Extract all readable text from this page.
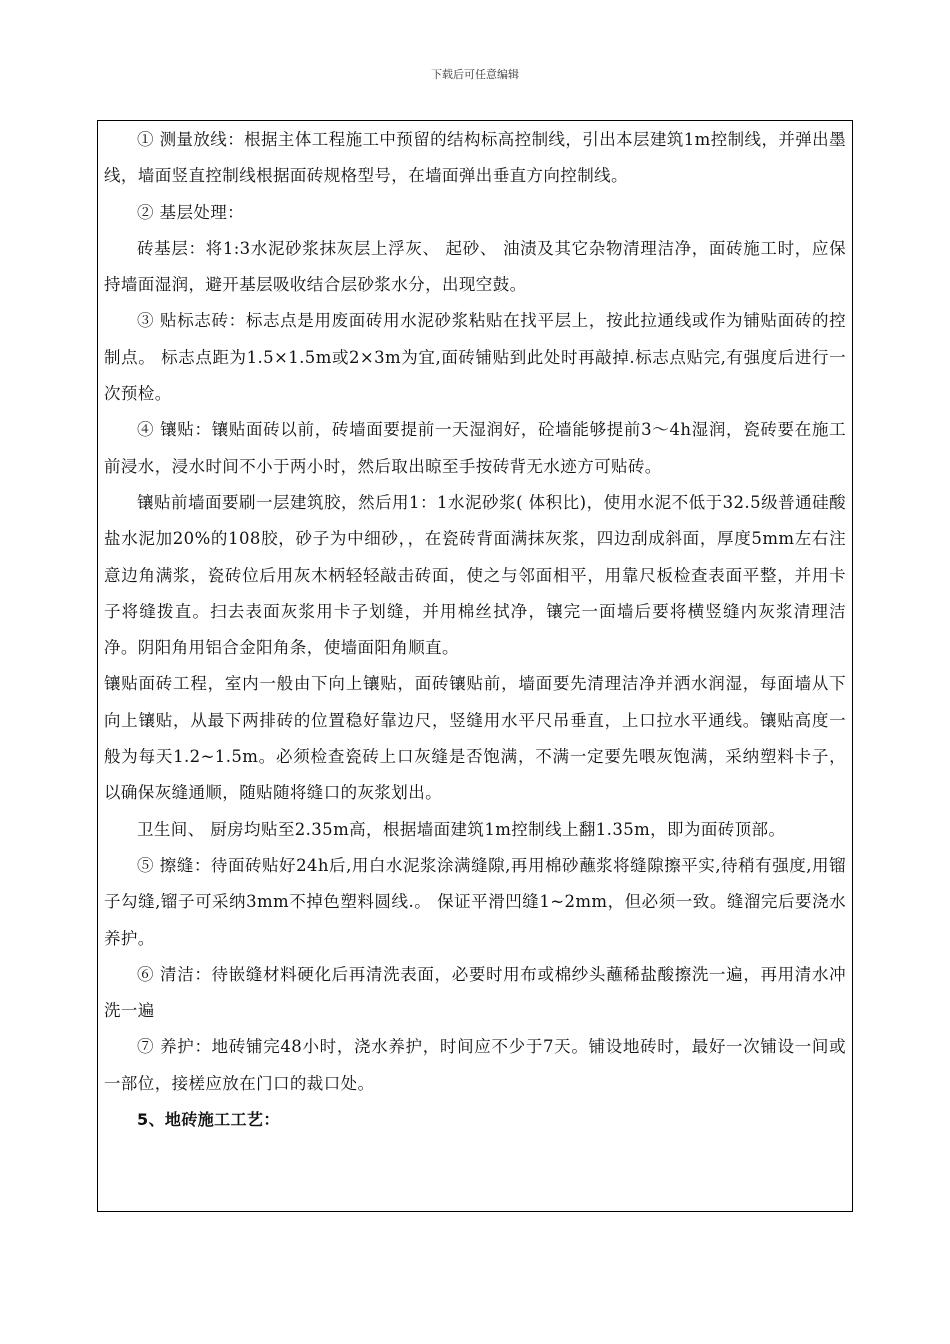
下载后可任意编辑

① 测量放线：根据主体工程施工中预留的结构标高控制线，引出本层建筑1m控制线，并弹出墨线，墙面竖直控制线根据面砖规格型号，在墙面弹出垂直方向控制线。

② 基层处理：

砖基层：将1:3水泥砂浆抹灰层上浮灰、 起砂、 油渍及其它杂物清理洁净，面砖施工时，应保持墙面湿润，避开基层吸收结合层砂浆水分，出现空鼓。

③ 贴标志砖：标志点是用废面砖用水泥砂浆粘贴在找平层上，按此拉通线或作为铺贴面砖的控制点。 标志点距为1.5×1.5m或2×3m为宜,面砖铺贴到此处时再敲掉.标志点贴完,有强度后进行一次预检。

④ 镶贴：镶贴面砖以前，砖墙面要提前一天湿润好，砼墙能够提前3～4h湿润，瓷砖要在施工前浸水，浸水时间不小于两小时，然后取出晾至手按砖背无水迹方可贴砖。

镶贴前墙面要刷一层建筑胶，然后用1：1水泥砂浆( 体积比)，使用水泥不低于32.5级普通硅酸盐水泥加20%的108胶，砂子为中细砂，，在瓷砖背面满抹灰浆，四边刮成斜面，厚度5mm左右注意边角满浆，瓷砖位后用灰木柄轻轻敲击砖面，使之与邻面相平，用靠尺板检查表面平整，并用卡子将缝拨直。扫去表面灰浆用卡子划缝，并用棉丝拭净，镶完一面墙后要将横竖缝内灰浆清理洁净。阴阳角用铝合金阳角条，使墙面阳角顺直。

镶贴面砖工程，室内一般由下向上镶贴，面砖镶贴前，墙面要先清理洁净并洒水润湿，每面墙从下向上镶贴，从最下两排砖的位置稳好靠边尺，竖缝用水平尺吊垂直，上口拉水平通线。镶贴高度一般为每天1.2~1.5m。必须检查瓷砖上口灰缝是否饱满，不满一定要先喂灰饱满，采纳塑料卡子，以确保灰缝通顺，随贴随将缝口的灰浆划出。

卫生间、 厨房均贴至2.35m高，根据墙面建筑1m控制线上翻1.35m，即为面砖顶部。

⑤ 擦缝：待面砖贴好24h后,用白水泥浆涂满缝隙,再用棉砂蘸浆将缝隙擦平实,待稍有强度,用镏子勾缝,镏子可采纳3mm不掉色塑料圆线.。 保证平滑凹缝1~2mm，但必须一致。缝溜完后要浇水养护。

⑥ 清洁：待嵌缝材料硬化后再清洗表面，必要时用布或棉纱头蘸稀盐酸擦洗一遍，再用清水冲洗一遍

⑦ 养护：地砖铺完48小时，浇水养护，时间应不少于7天。铺设地砖时，最好一次铺设一间或一部位，接槎应放在门口的裁口处。

5、地砖施工工艺：
